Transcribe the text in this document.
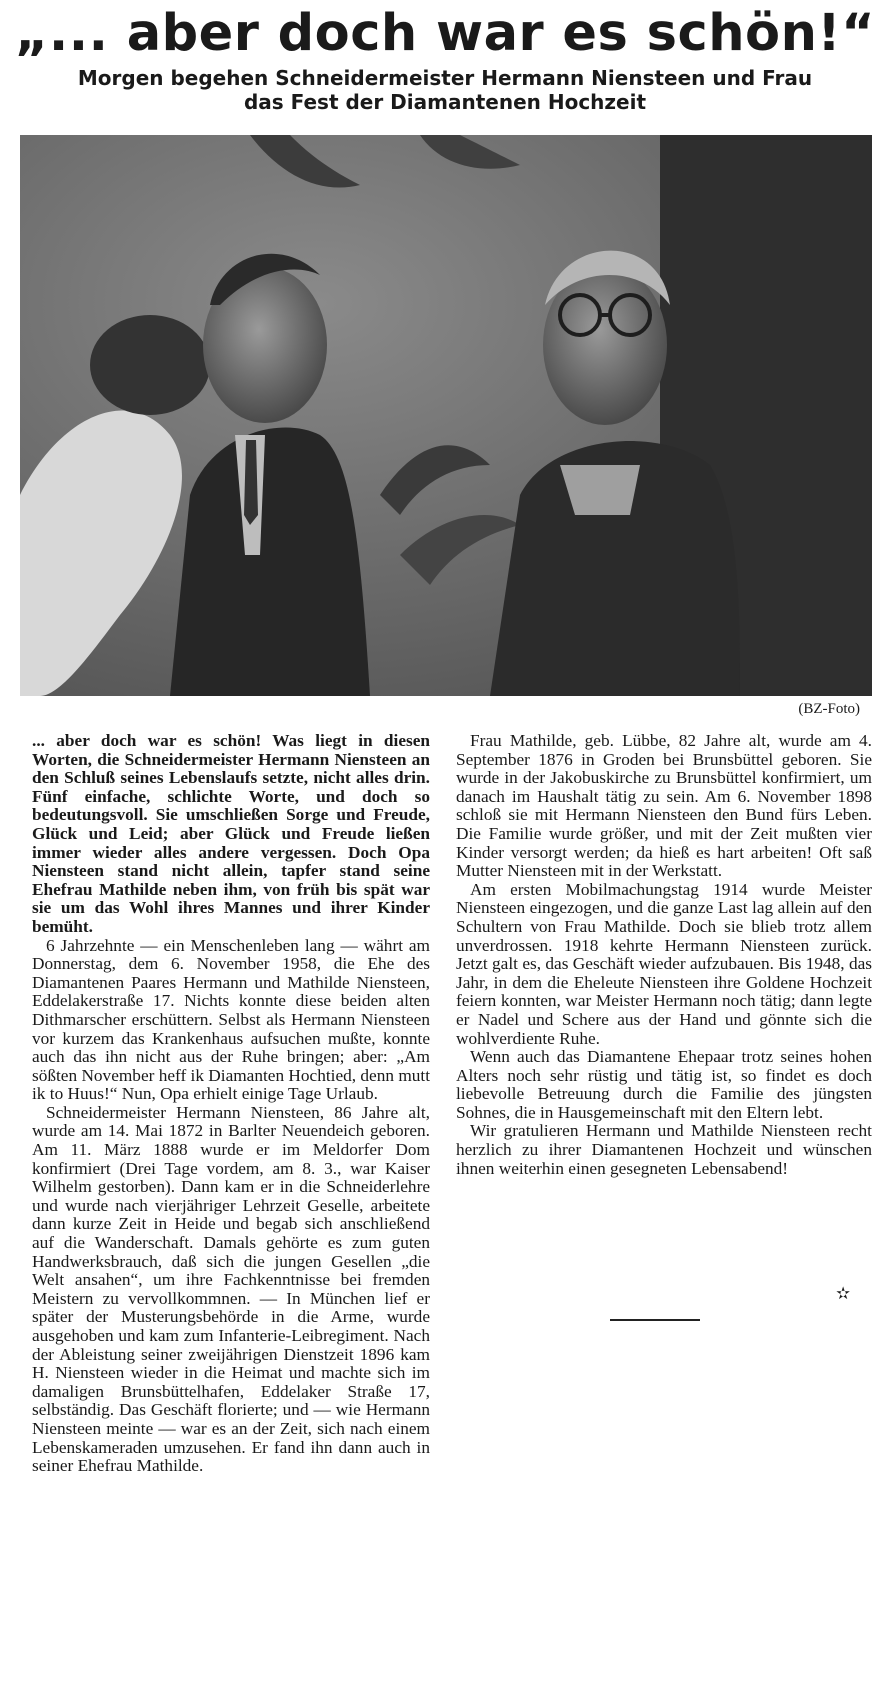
„... aber doch war es schön!“
Morgen begehen Schneidermeister Hermann Niensteen und Frau
das Fest der Diamantenen Hochzeit
(BZ-Foto)

... aber doch war es schön! Was liegt in diesen Worten, die Schneidermeister Hermann Niensteen an den Schluß seines Lebenslaufs setzte, nicht alles drin. Fünf einfache, schlichte Worte, und doch so bedeutungsvoll. Sie umschließen Sorge und Freude, Glück und Leid; aber Glück und Freude ließen immer wieder alles andere vergessen. Doch Opa Niensteen stand nicht allein, tapfer stand seine Ehefrau Mathilde neben ihm, von früh bis spät war sie um das Wohl ihres Mannes und ihrer Kinder bemüht.

6 Jahrzehnte — ein Menschenleben lang — währt am Donnerstag, dem 6. November 1958, die Ehe des Diamantenen Paares Hermann und Mathilde Niensteen, Eddelakerstraße 17. Nichts konnte diese beiden alten Dithmarscher erschüttern. Selbst als Hermann Niensteen vor kurzem das Krankenhaus aufsuchen mußte, konnte auch das ihn nicht aus der Ruhe bringen; aber: „Am sößten November heff ik Diamanten Hochtied, denn mutt ik to Huus!“ Nun, Opa erhielt einige Tage Urlaub.

Schneidermeister Hermann Niensteen, 86 Jahre alt, wurde am 14. Mai 1872 in Barlter Neuendeich geboren. Am 11. März 1888 wurde er im Meldorfer Dom konfirmiert (Drei Tage vordem, am 8. 3., war Kaiser Wilhelm gestorben). Dann kam er in die Schneiderlehre und wurde nach vierjähriger Lehrzeit Geselle, arbeitete dann kurze Zeit in Heide und begab sich anschließend auf die Wanderschaft. Damals gehörte es zum guten Handwerksbrauch, daß sich die jungen Gesellen „die Welt ansahen“, um ihre Fachkenntnisse bei fremden Meistern zu vervollkommnen. — In München lief er später der Musterungsbehörde in die Arme, wurde ausgehoben und kam zum Infanterie-Leibregiment. Nach der Ableistung seiner zweijährigen Dienstzeit 1896 kam H. Niensteen wieder in die Heimat und machte sich im damaligen Brunsbüttelhafen, Eddelaker Straße 17, selbständig. Das Geschäft florierte; und — wie Hermann Niensteen meinte — war es an der Zeit, sich nach einem Lebenskameraden umzusehen. Er fand ihn dann auch in seiner Ehefrau Mathilde.

Frau Mathilde, geb. Lübbe, 82 Jahre alt, wurde am 4. September 1876 in Groden bei Brunsbüttel geboren. Sie wurde in der Jakobuskirche zu Brunsbüttel konfirmiert, um danach im Haushalt tätig zu sein. Am 6. November 1898 schloß sie mit Hermann Niensteen den Bund fürs Leben. Die Familie wurde größer, und mit der Zeit mußten vier Kinder versorgt werden; da hieß es hart arbeiten! Oft saß Mutter Niensteen mit in der Werkstatt.

Am ersten Mobilmachungstag 1914 wurde Meister Niensteen eingezogen, und die ganze Last lag allein auf den Schultern von Frau Mathilde. Doch sie blieb trotz allem unverdrossen. 1918 kehrte Hermann Niensteen zurück. Jetzt galt es, das Geschäft wieder aufzubauen. Bis 1948, das Jahr, in dem die Eheleute Niensteen ihre Goldene Hochzeit feiern konnten, war Meister Hermann noch tätig; dann legte er Nadel und Schere aus der Hand und gönnte sich die wohlverdiente Ruhe.

Wenn auch das Diamantene Ehepaar trotz seines hohen Alters noch sehr rüstig und tätig ist, so findet es doch liebevolle Betreuung durch die Familie des jüngsten Sohnes, die in Hausgemeinschaft mit den Eltern lebt.

Wir gratulieren Hermann und Mathilde Niensteen recht herzlich zu ihrer Diamantenen Hochzeit und wünschen ihnen weiterhin einen gesegneten Lebensabend!

✫
